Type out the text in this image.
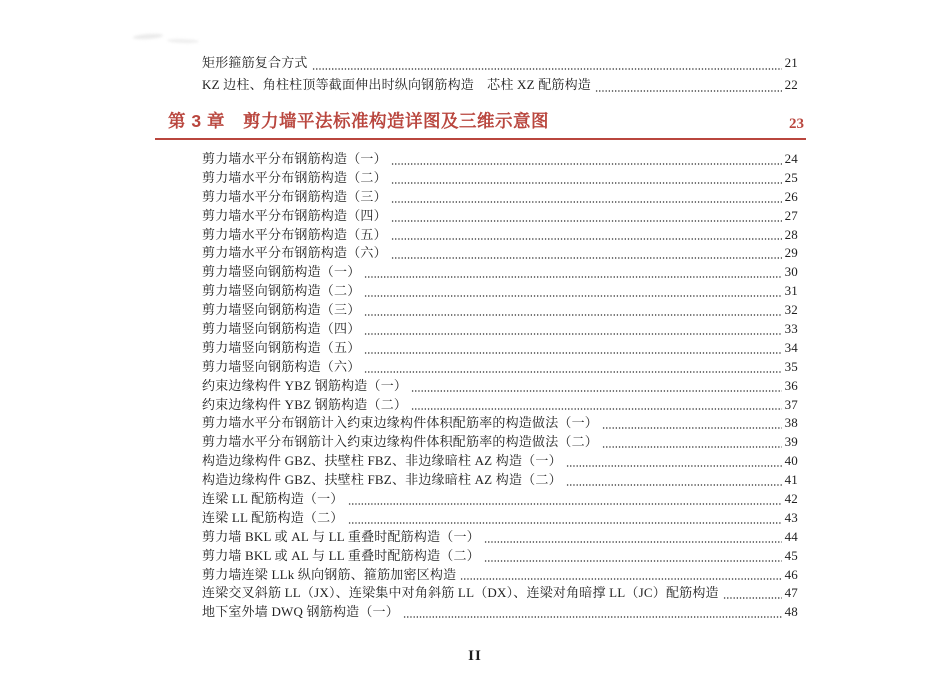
矩形箍筋复合方式	21
KZ 边柱、角柱柱顶等截面伸出时纵向钢筋构造　芯柱 XZ 配筋构造	22
第 3 章　剪力墙平法标准构造详图及三维示意图	23
剪力墙水平分布钢筋构造（一）	24
剪力墙水平分布钢筋构造（二）	25
剪力墙水平分布钢筋构造（三）	26
剪力墙水平分布钢筋构造（四）	27
剪力墙水平分布钢筋构造（五）	28
剪力墙水平分布钢筋构造（六）	29
剪力墙竖向钢筋构造（一）	30
剪力墙竖向钢筋构造（二）	31
剪力墙竖向钢筋构造（三）	32
剪力墙竖向钢筋构造（四）	33
剪力墙竖向钢筋构造（五）	34
剪力墙竖向钢筋构造（六）	35
约束边缘构件 YBZ 钢筋构造（一）	36
约束边缘构件 YBZ 钢筋构造（二）	37
剪力墙水平分布钢筋计入约束边缘构件体积配筋率的构造做法（一）	38
剪力墙水平分布钢筋计入约束边缘构件体积配筋率的构造做法（二）	39
构造边缘构件 GBZ、扶壁柱 FBZ、非边缘暗柱 AZ 构造（一）	40
构造边缘构件 GBZ、扶壁柱 FBZ、非边缘暗柱 AZ 构造（二）	41
连梁 LL 配筋构造（一）	42
连梁 LL 配筋构造（二）	43
剪力墙 BKL 或 AL 与 LL 重叠时配筋构造（一）	44
剪力墙 BKL 或 AL 与 LL 重叠时配筋构造（二）	45
剪力墙连梁 LLk 纵向钢筋、箍筋加密区构造	46
连梁交叉斜筋 LL（JX）、连梁集中对角斜筋 LL（DX）、连梁对角暗撑 LL（JC）配筋构造	47
地下室外墙 DWQ 钢筋构造（一）	48
II
